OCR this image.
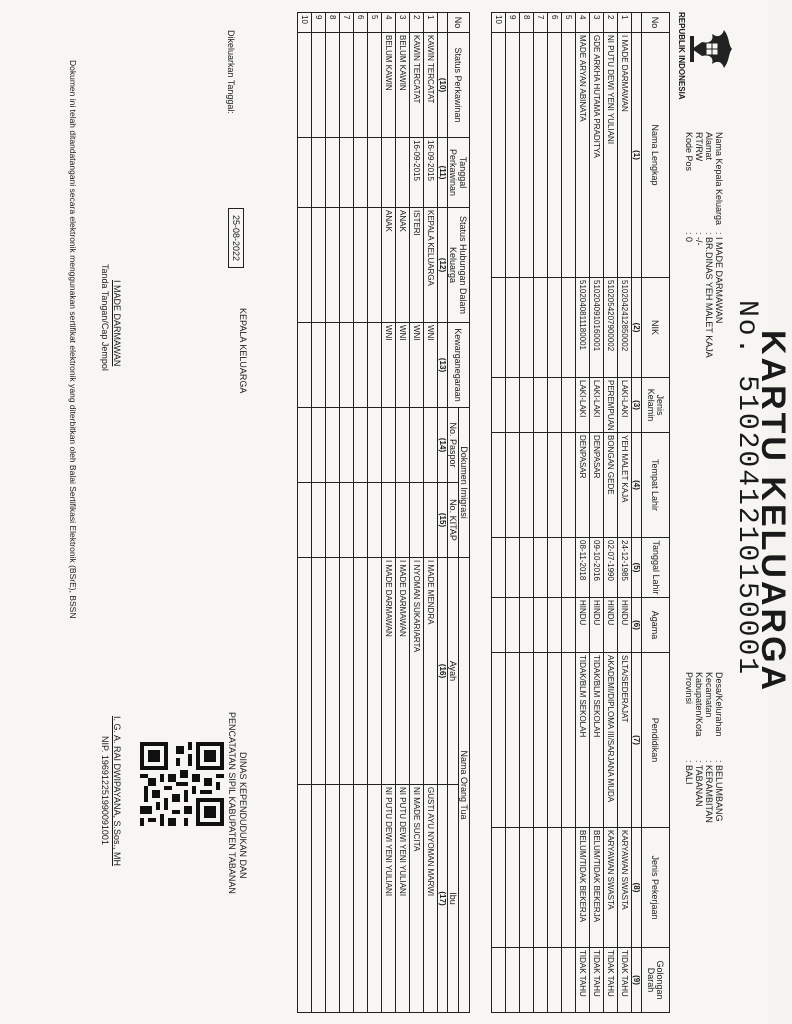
REPUBLIK INDONESIA
KARTU KELUARGA
No. 5102041210150001
Nama Kepala Keluarga
Alamat
RT/RW
Kode Pos
: I MADE DARMAWAN
: BR.DINAS YEH MALET KAJA
: -/-
: 0
Desa/Kelurahan
Kecamatan
Kabupaten/Kota
Provinsi
: BELUMBANG
: KERAMBITAN
: TABANAN
: BALI
No	Nama Lengkap	NIK	Jenis Kelamin	Tempat Lahir	Tanggal Lahir	Agama	Pendidikan	Jenis Pekerjaan	Golongan Darah
	(1)	(2)	(3)	(4)	(5)	(6)	(7)	(8)	(9)
1	I MADE DARMAWAN	5102042412850002	LAKI-LAKI	YEH MALET KAJA	24-12-1985	HINDU	SLTA/SEDERAJAT	KARYAWAN SWASTA	TIDAK TAHU
2	NI PUTU DEWI YENI YULIANI	5102054207900002	PEREMPUAN	BONGAN GEDE	02-07-1990	HINDU	AKADEMI/DIPLOMA III/SARJANA MUDA	KARYAWAN SWASTA	TIDAK TAHU
3	GDE ARKHA HUTAMA PRADITYA	5102040910160001	LAKI-LAKI	DENPASAR	09-10-2016	HINDU	TIDAK/BLM SEKOLAH	BELUM/TIDAK BEKERJA	TIDAK TAHU
4	MADE ARYAN ABINATA	5102040811180001	LAKI-LAKI	DENPASAR	08-11-2018	HINDU	TIDAK/BLM SEKOLAH	BELUM/TIDAK BEKERJA	TIDAK TAHU
5									
6									
7									
8									
9									
10									
No	Status Perkawinan	Tanggal Perkawinan	Status Hubungan Dalam Keluarga	Kewarganegaraan	Dokumen Imigrasi		Nama Orang Tua	
					No. Paspor	No. KITAP	Ayah	Ibu
	(10)	(11)	(12)	(13)	(14)	(15)	(16)	(17)
1	KAWIN TERCATAT	16-09-2015	KEPALA KELUARGA	WNI			I MADE MENDRA	GUSTI AYU NYOMAN MARWI
2	KAWIN TERCATAT	16-09-2015	ISTERI	WNI			I NYOMAN SUKARIARTA	NI MADE SUCITA
3	BELUM KAWIN		ANAK	WNI			I MADE DARMAWAN	NI PUTU DEWI YENI YULIANI
4	BELUM KAWIN		ANAK	WNI			I MADE DARMAWAN	NI PUTU DEWI YENI YULIANI
5								
6								
7								
8								
9								
10								
Dikeluarkan Tanggal:
25-08-2022
KEPALA KELUARGA
I MADE DARMAWAN
Tanda Tangan/Cap Jempol
DINAS KEPENDUDUKAN DAN
PENCATATAN SIPIL KABUPATEN TABANAN
I. G. A. RAI DWIPAYANA, S.Sos., MH
NIP. 196912251990091001
Dokumen ini telah ditandatangani secara elektronik menggunakan sertifikat elektronik yang diterbitkan oleh Balai Sertifikasi Elektronik (BSrE), BSSN
